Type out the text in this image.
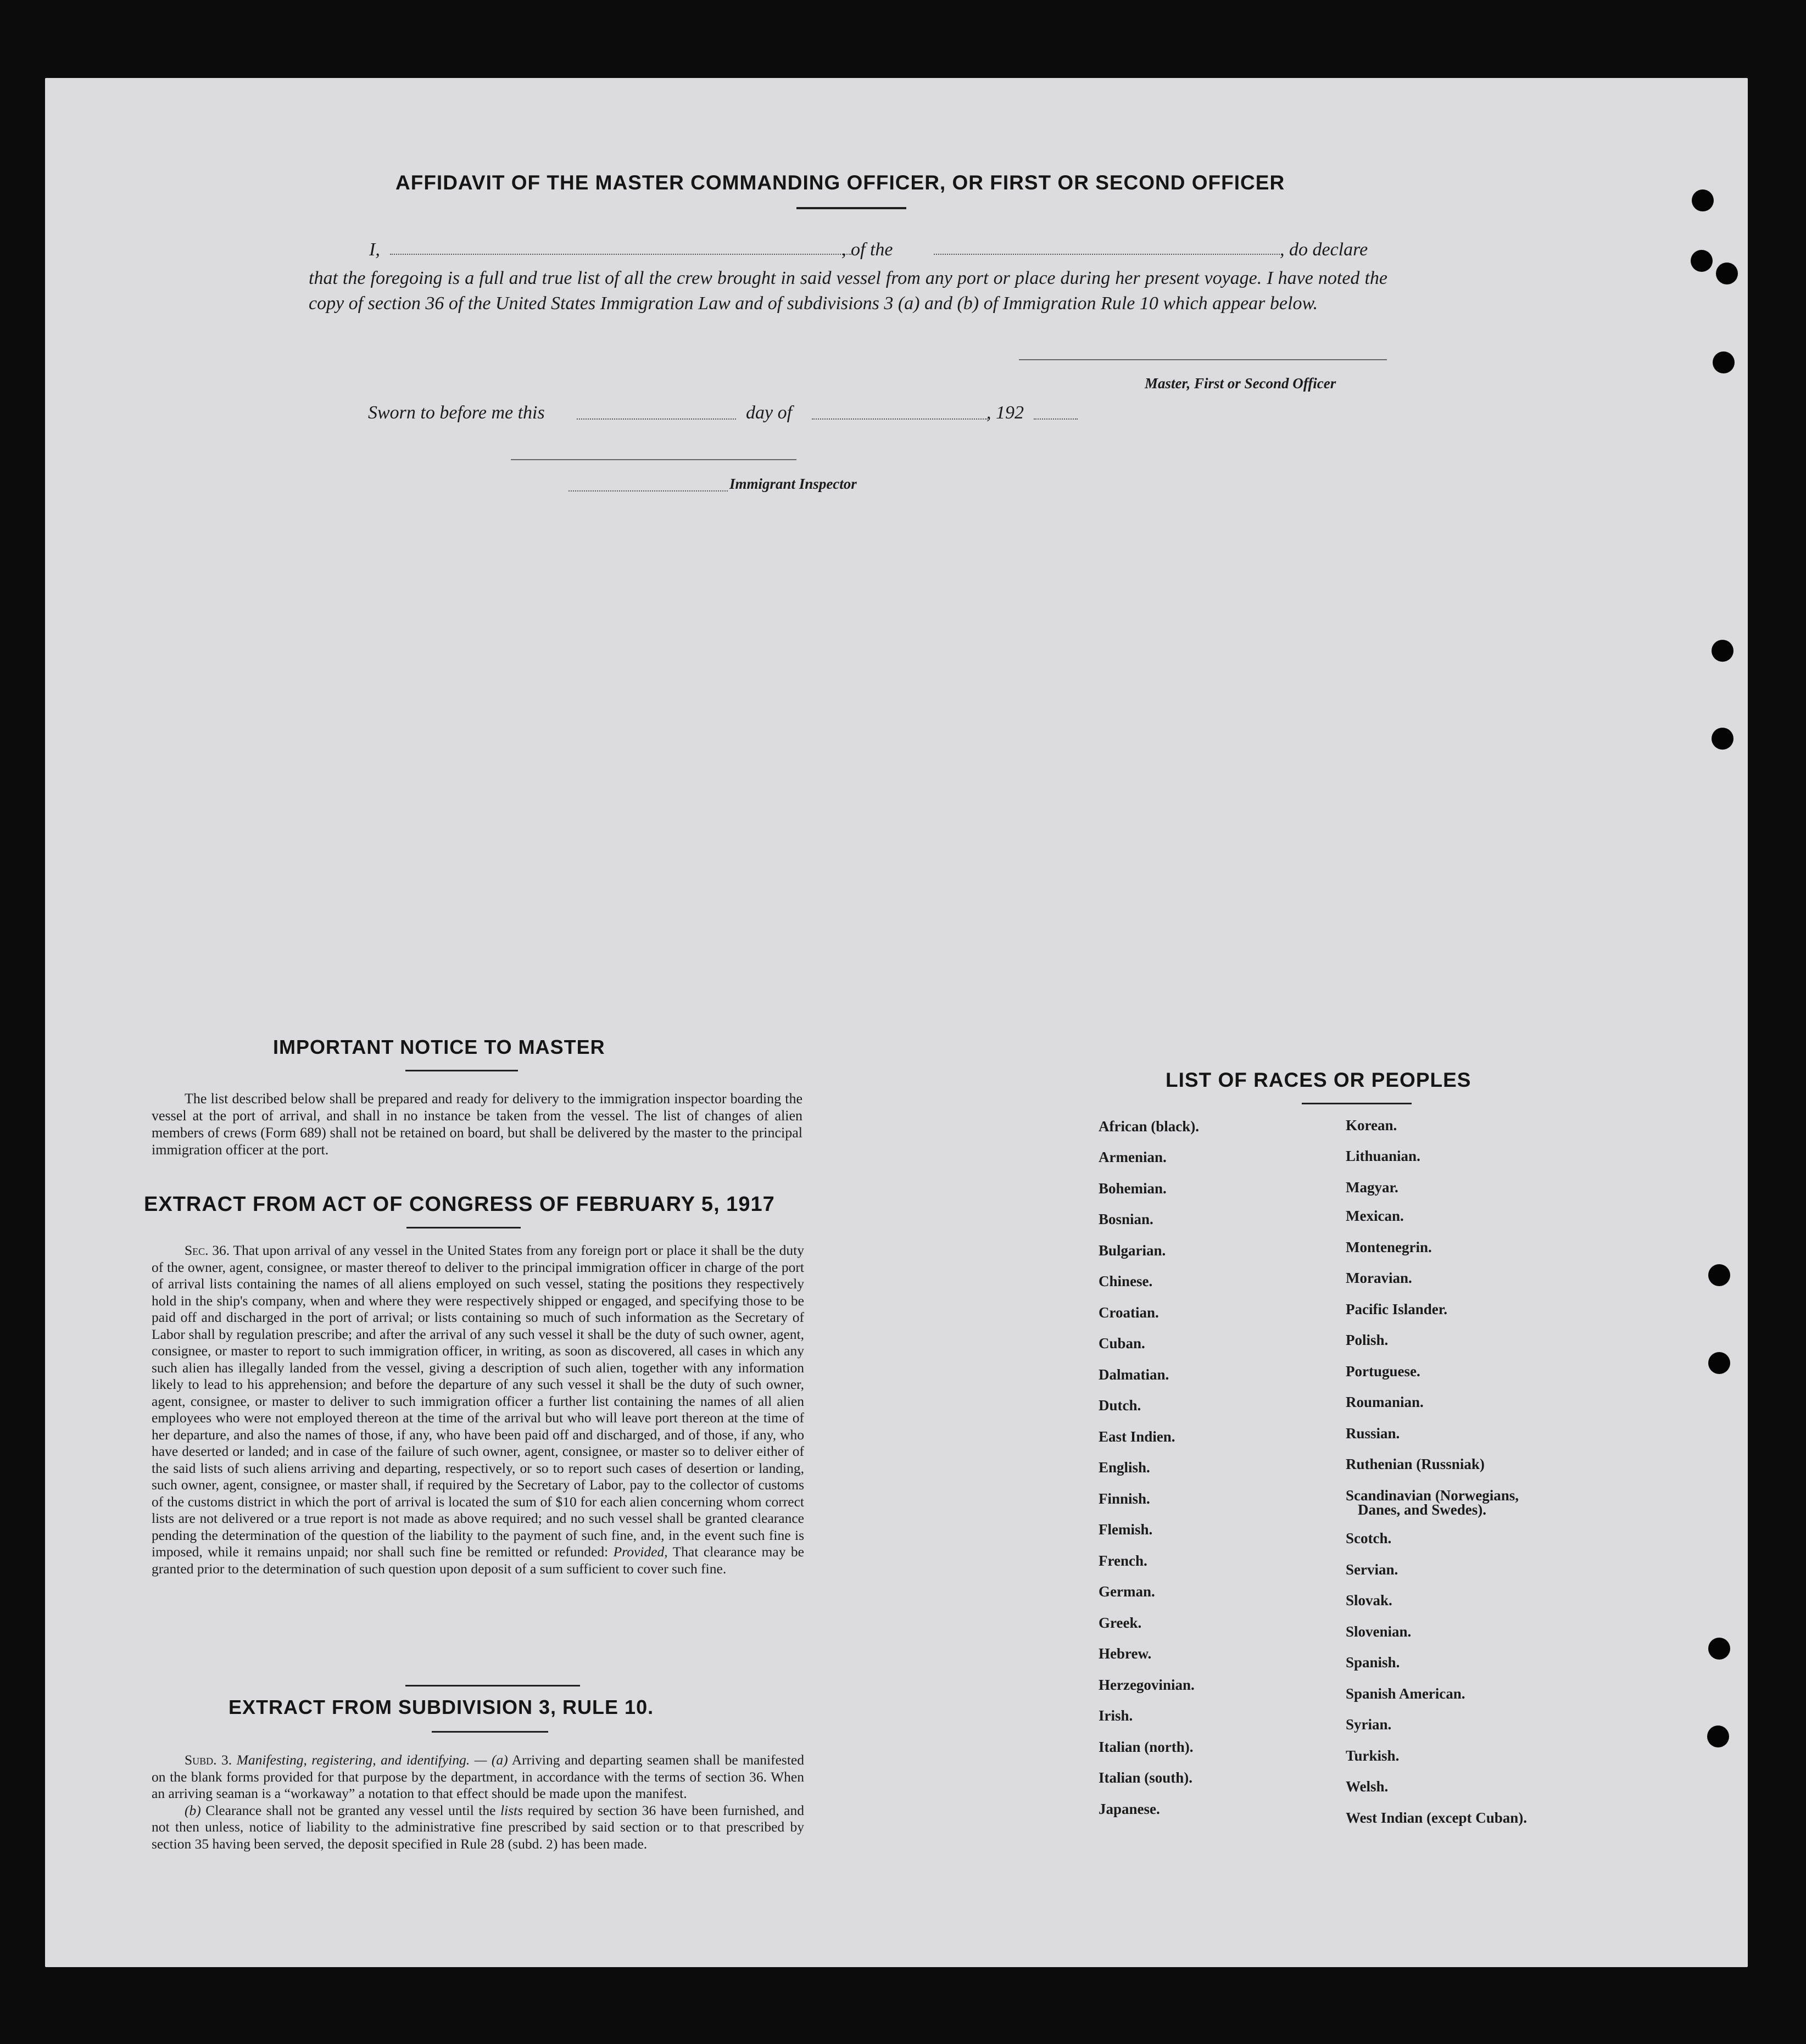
AFFIDAVIT OF THE MASTER COMMANDING OFFICER, OR FIRST OR SECOND OFFICER
I,	, of the	, do declare
that the foregoing is a full and true list of all the crew brought in said vessel from any port or place during her present voyage. I have noted the copy of section 36 of the United States Immigration Law and of subdivisions 3 (a) and (b) of Immigration Rule 10 which appear below.
Master, First or Second Officer
Sworn to before me this	day of	, 192
Immigrant Inspector
IMPORTANT NOTICE TO MASTER
The list described below shall be prepared and ready for delivery to the immigration inspector boarding the vessel at the port of arrival, and shall in no instance be taken from the vessel. The list of changes of alien members of crews (Form 689) shall not be retained on board, but shall be delivered by the master to the principal immigration officer at the port.
EXTRACT FROM ACT OF CONGRESS OF FEBRUARY 5, 1917

Sec. 36. That upon arrival of any vessel in the United States from any foreign port or place it shall be the duty of the owner, agent, consignee, or master thereof to deliver to the principal immigration officer in charge of the port of arrival lists containing the names of all aliens employed on such vessel, stating the positions they respectively hold in the ship's company, when and where they were respectively shipped or engaged, and specifying those to be paid off and discharged in the port of arrival; or lists containing so much of such information as the Secretary of Labor shall by regulation prescribe; and after the arrival of any such vessel it shall be the duty of such owner, agent, consignee, or master to report to such immigration officer, in writing, as soon as discovered, all cases in which any such alien has illegally landed from the vessel, giving a description of such alien, together with any information likely to lead to his apprehension; and before the departure of any such vessel it shall be the duty of such owner, agent, consignee, or master to deliver to such immigration officer a further list containing the names of all alien employees who were not employed thereon at the time of the arrival but who will leave port thereon at the time of her departure, and also the names of those, if any, who have been paid off and discharged, and of those, if any, who have deserted or landed; and in case of the failure of such owner, agent, consignee, or master so to deliver either of the said lists of such aliens arriving and departing, respectively, or so to report such cases of desertion or landing, such owner, agent, consignee, or master shall, if required by the Secretary of Labor, pay to the collector of customs of the customs district in which the port of arrival is located the sum of $10 for each alien concerning whom correct lists are not delivered or a true report is not made as above required; and no such vessel shall be granted clearance pending the determination of the question of the liability to the payment of such fine, and, in the event such fine is imposed, while it remains unpaid; nor shall such fine be remitted or refunded: Provided, That clearance may be granted prior to the determination of such question upon deposit of a sum sufficient to cover such fine.

EXTRACT FROM SUBDIVISION 3, RULE 10.

Subd. 3. Manifesting, registering, and identifying. — (a) Arriving and departing seamen shall be manifested on the blank forms provided for that purpose by the department, in accordance with the terms of section 36. When an arriving seaman is a “workaway” a notation to that effect should be made upon the manifest.

(b) Clearance shall not be granted any vessel until the lists required by section 36 have been furnished, and not then unless, notice of liability to the administrative fine prescribed by said section or to that prescribed by section 35 having been served, the deposit specified in Rule 28 (subd. 2) has been made.

LIST OF RACES OR PEOPLES
African (black).
Armenian.
Bohemian.
Bosnian.
Bulgarian.
Chinese.
Croatian.
Cuban.
Dalmatian.
Dutch.
East Indien.
English.
Finnish.
Flemish.
French.
German.
Greek.
Hebrew.
Herzegovinian.
Irish.
Italian (north).
Italian (south).
Japanese.
Korean.
Lithuanian.
Magyar.
Mexican.
Montenegrin.
Moravian.
Pacific Islander.
Polish.
Portuguese.
Roumanian.
Russian.
Ruthenian (Russniak)
Scandinavian (Norwegians,
Danes, and Swedes).
Scotch.
Servian.
Slovak.
Slovenian.
Spanish.
Spanish American.
Syrian.
Turkish.
Welsh.
West Indian (except Cuban).
